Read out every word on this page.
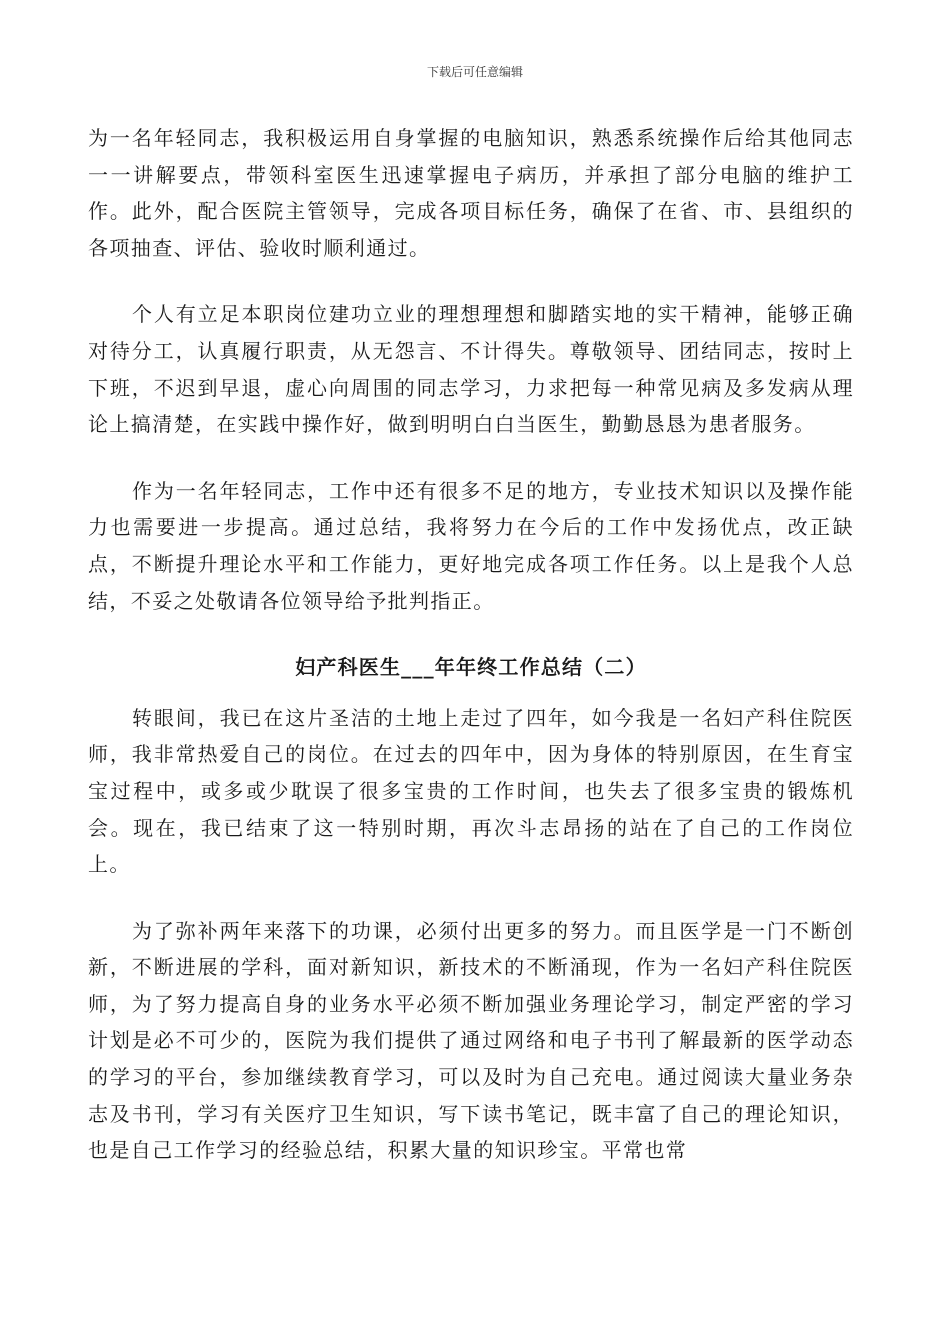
下载后可任意编辑

为一名年轻同志，我积极运用自身掌握的电脑知识，熟悉系统操作后给其他同志一一讲解要点，带领科室医生迅速掌握电子病历，并承担了部分电脑的维护工作。此外，配合医院主管领导，完成各项目标任务，确保了在省、市、县组织的各项抽查、评估、验收时顺利通过。

个人有立足本职岗位建功立业的理想理想和脚踏实地的实干精神，能够正确对待分工，认真履行职责，从无怨言、不计得失。尊敬领导、团结同志，按时上下班，不迟到早退，虚心向周围的同志学习，力求把每一种常见病及多发病从理论上搞清楚，在实践中操作好，做到明明白白当医生，勤勤恳恳为患者服务。

作为一名年轻同志，工作中还有很多不足的地方，专业技术知识以及操作能力也需要进一步提高。通过总结，我将努力在今后的工作中发扬优点，改正缺点，不断提升理论水平和工作能力，更好地完成各项工作任务。以上是我个人总结，不妥之处敬请各位领导给予批判指正。

妇产科医生___年年终工作总结（二）

转眼间，我已在这片圣洁的土地上走过了四年，如今我是一名妇产科住院医师，我非常热爱自己的岗位。在过去的四年中，因为身体的特别原因，在生育宝宝过程中，或多或少耽误了很多宝贵的工作时间，也失去了很多宝贵的锻炼机会。现在，我已结束了这一特别时期，再次斗志昂扬的站在了自己的工作岗位上。

为了弥补两年来落下的功课，必须付出更多的努力。而且医学是一门不断创新，不断进展的学科，面对新知识，新技术的不断涌现，作为一名妇产科住院医师，为了努力提高自身的业务水平必须不断加强业务理论学习，制定严密的学习计划是必不可少的，医院为我们提供了通过网络和电子书刊了解最新的医学动态的学习的平台，参加继续教育学习，可以及时为自己充电。通过阅读大量业务杂志及书刊，学习有关医疗卫生知识，写下读书笔记，既丰富了自己的理论知识，也是自己工作学习的经验总结，积累大量的知识珍宝。平常也常
